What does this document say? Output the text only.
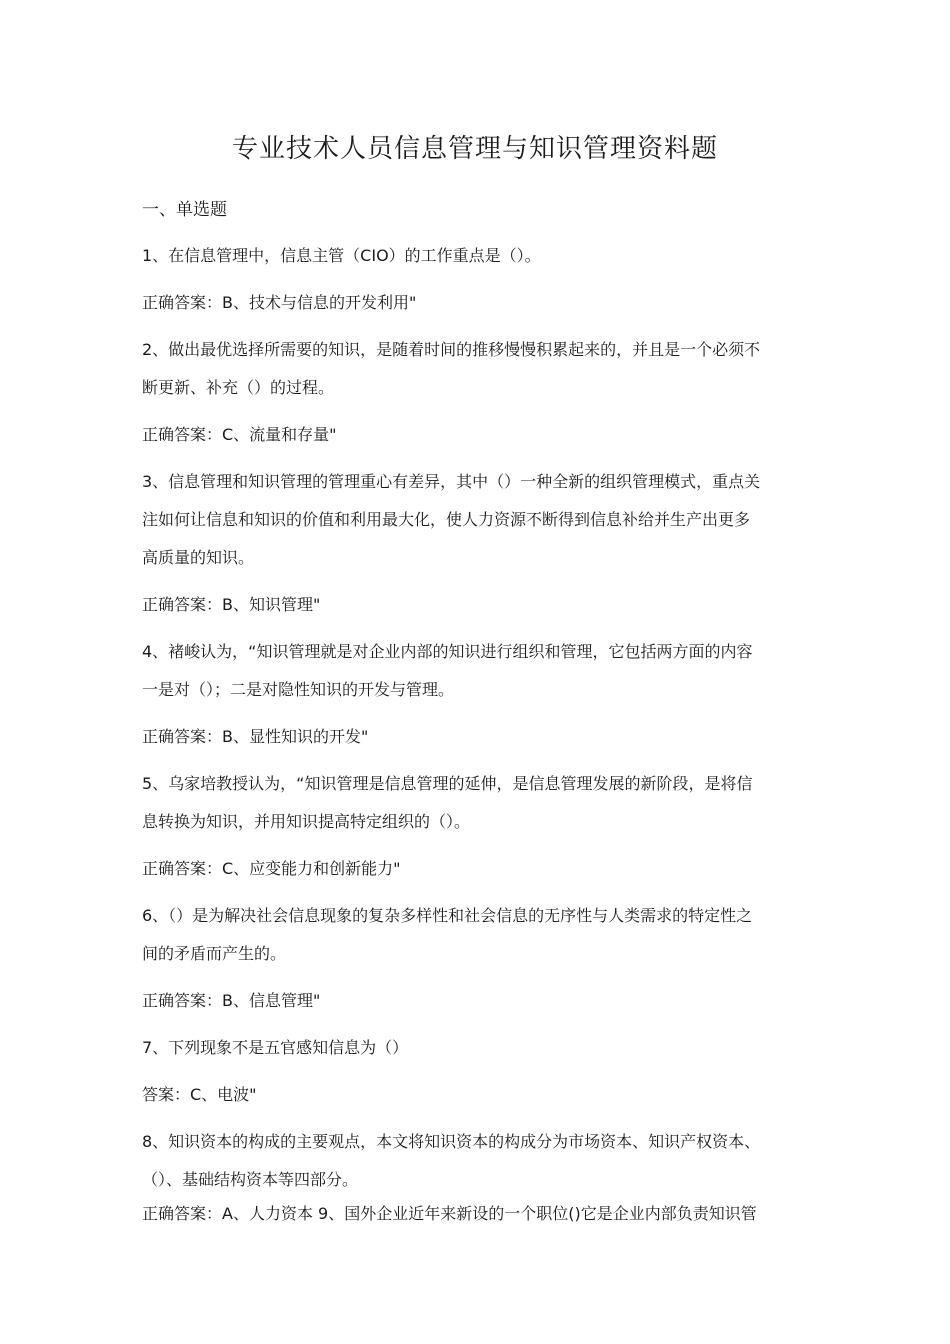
专业技术人员信息管理与知识管理资料题
一、单选题
1、在信息管理中，信息主管（CIO）的工作重点是（）。
正确答案：B、技术与信息的开发利用"
2、做出最优选择所需要的知识，是随着时间的推移慢慢积累起来的，并且是一个必须不
断更新、补充（）的过程。
正确答案：C、流量和存量"
3、信息管理和知识管理的管理重心有差异，其中（）一种全新的组织管理模式，重点关
注如何让信息和知识的价值和利用最大化，使人力资源不断得到信息补给并生产出更多
高质量的知识。
正确答案：B、知识管理"
4、褚峻认为，“知识管理就是对企业内部的知识进行组织和管理，它包括两方面的内容
一是对（）；二是对隐性知识的开发与管理。
正确答案：B、显性知识的开发"
5、乌家培教授认为，“知识管理是信息管理的延伸，是信息管理发展的新阶段，是将信
息转换为知识，并用知识提高特定组织的（）。
正确答案：C、应变能力和创新能力"
6、（）是为解决社会信息现象的复杂多样性和社会信息的无序性与人类需求的特定性之
间的矛盾而产生的。
正确答案：B、信息管理"
7、下列现象不是五官感知信息为（）
答案：C、电波"
8、知识资本的构成的主要观点，本文将知识资本的构成分为市场资本、知识产权资本、
（）、基础结构资本等四部分。
正确答案：A、人力资本 9、国外企业近年来新设的一个职位()它是企业内部负责知识管
